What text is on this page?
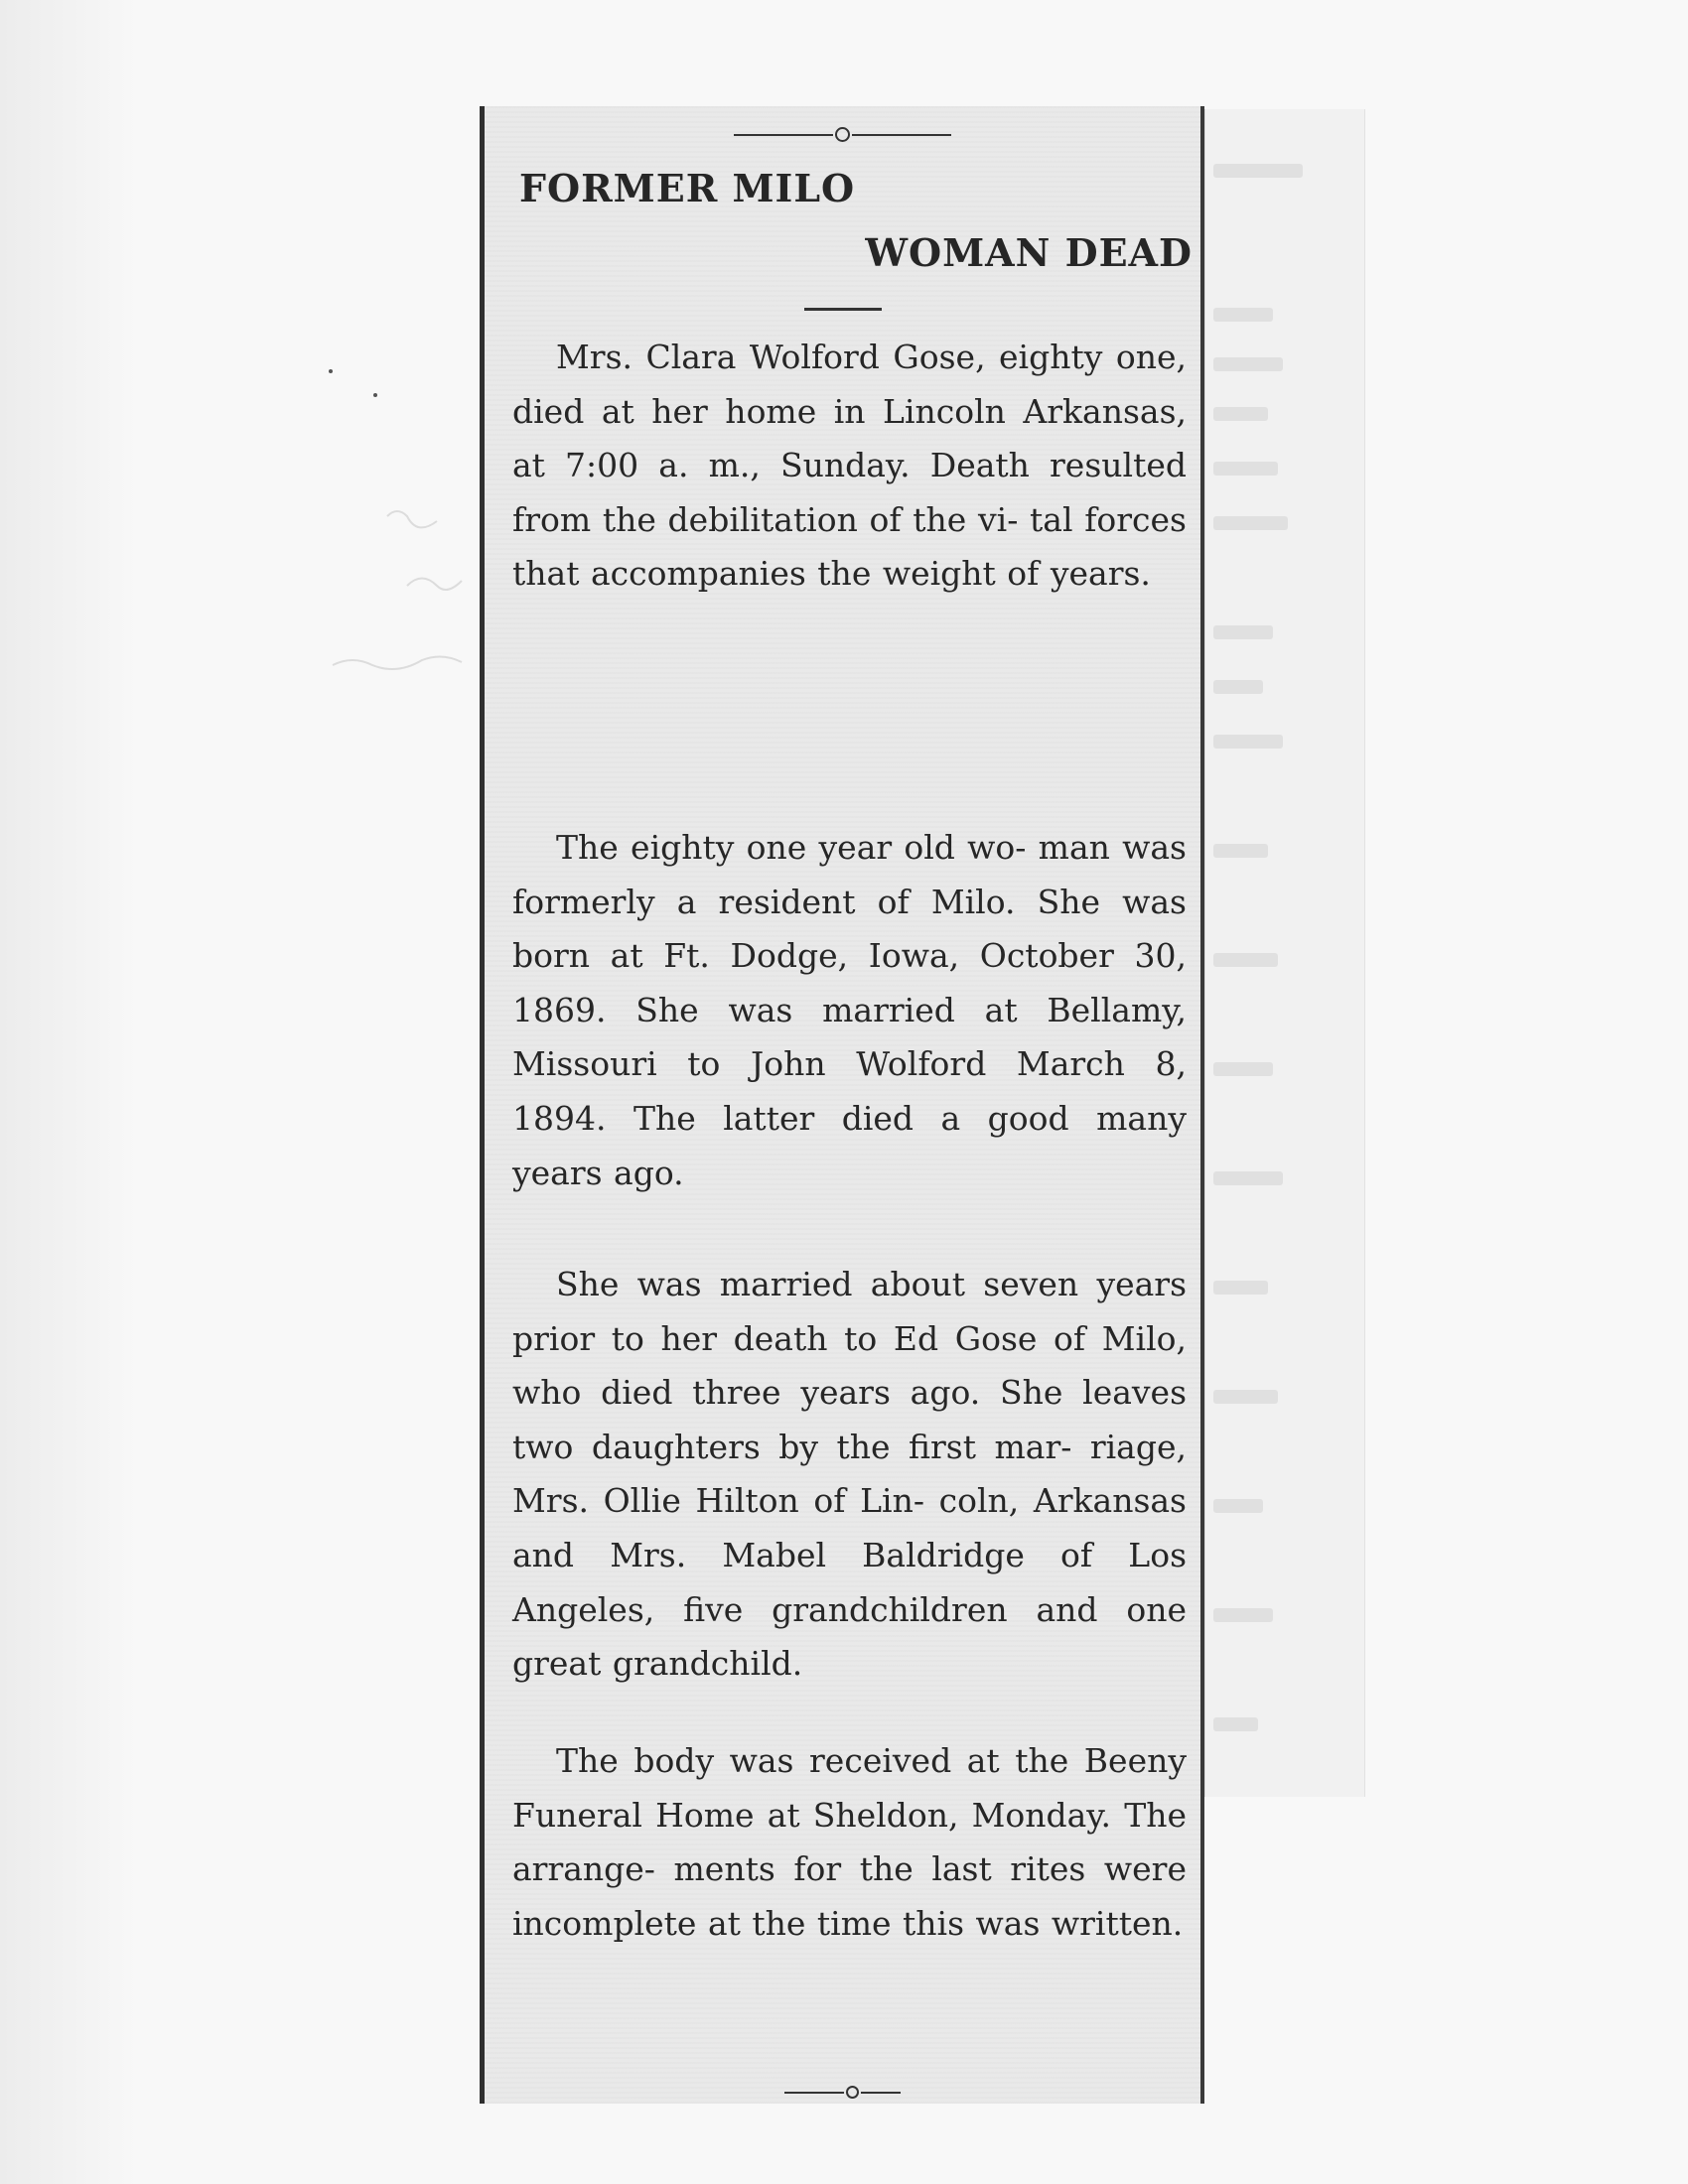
FORMER MILO
WOMAN DEAD
Mrs. Clara Wolford Gose, eighty one, died at her home in Lincoln Arkansas, at 7:00 a. m., Sunday. Death resulted from the debilitation of the vi- tal forces that accompanies the weight of years.
The eighty one year old wo- man was formerly a resident of Milo. She was born at Ft. Dodge, Iowa, October 30, 1869. She was married at Bellamy, Missouri to John Wolford March 8, 1894. The latter died a good many years ago.
She was married about seven years prior to her death to Ed Gose of Milo, who died three years ago. She leaves two daughters by the first mar- riage, Mrs. Ollie Hilton of Lin- coln, Arkansas and Mrs. Mabel Baldridge of Los Angeles, five grandchildren and one great grandchild.
The body was received at the Beeny Funeral Home at Sheldon, Monday. The arrange- ments for the last rites were incomplete at the time this was written.
